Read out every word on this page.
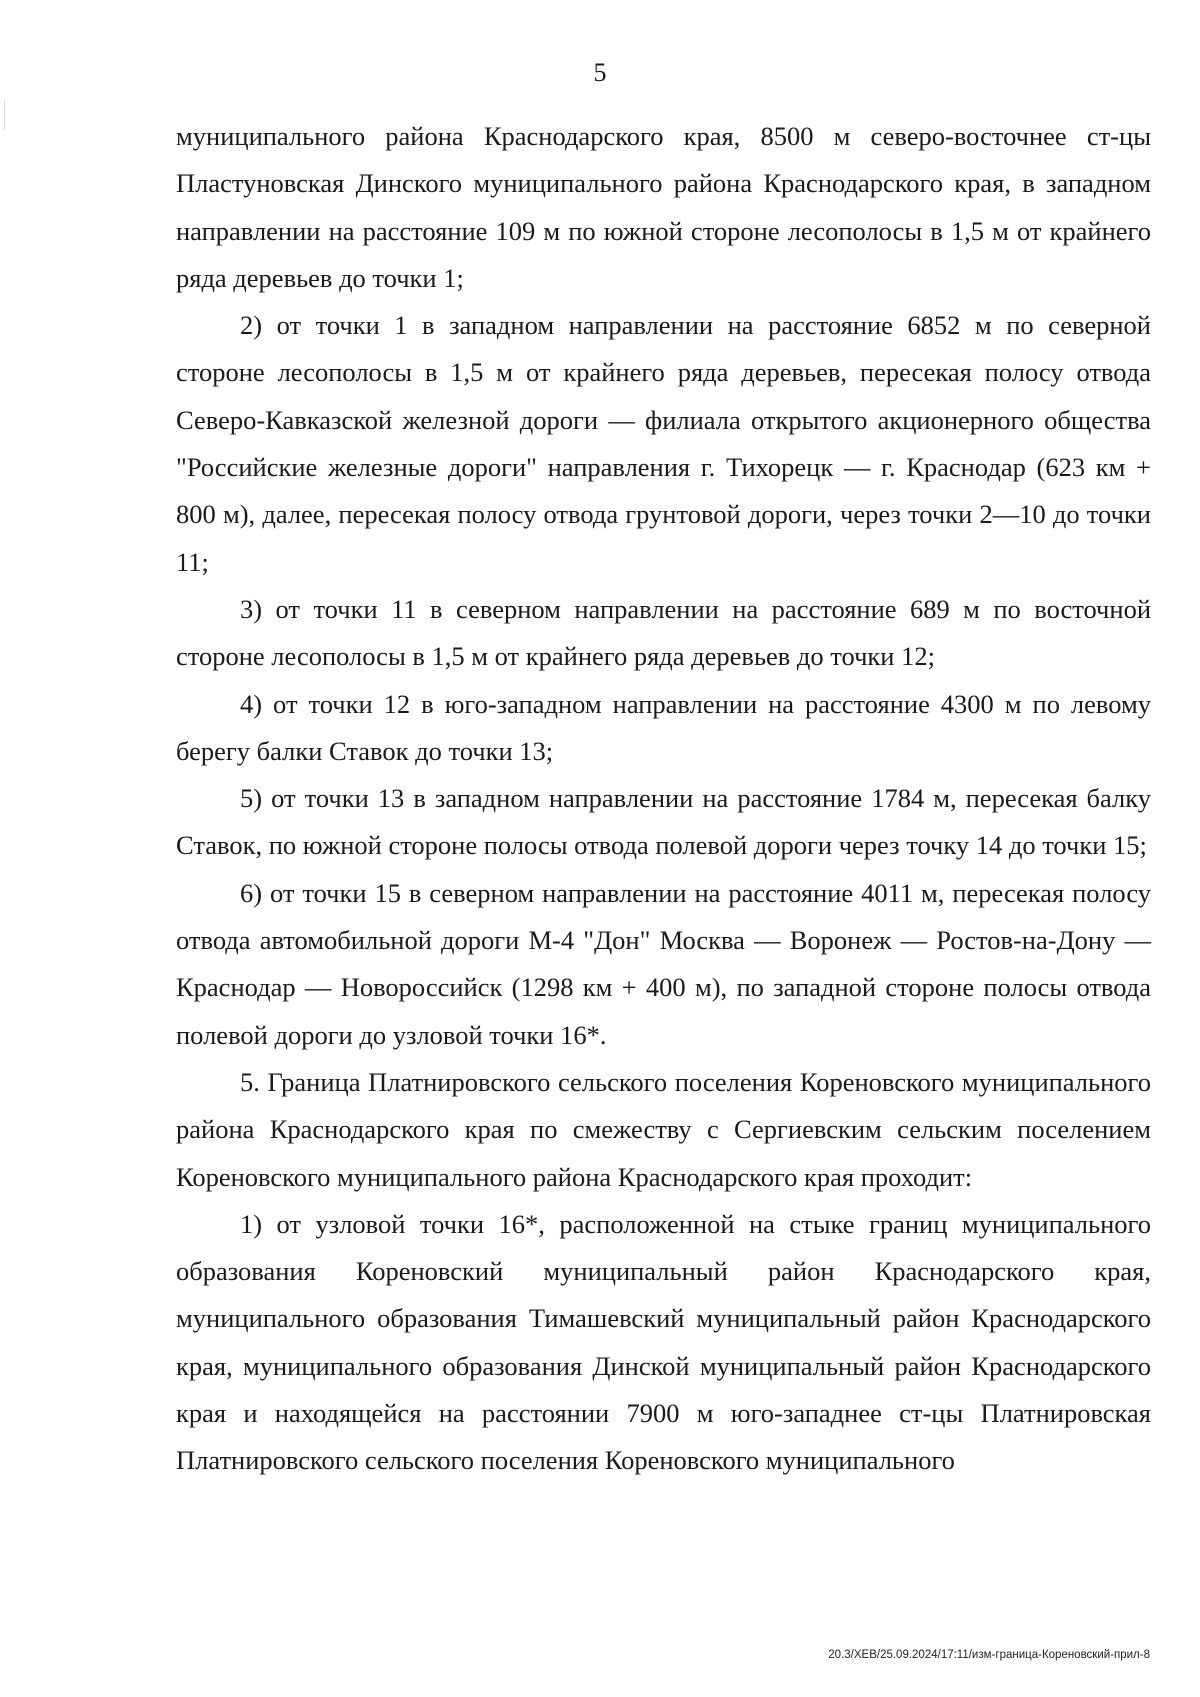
5

муниципального района Краснодарского края, 8500 м северо-восточнее ст-цы Пластуновская Динского муниципального района Краснодарского края, в западном направлении на расстояние 109 м по южной стороне лесополосы в 1,5 м от крайнего ряда деревьев до точки 1;

2) от точки 1 в западном направлении на расстояние 6852 м по северной стороне лесополосы в 1,5 м от крайнего ряда деревьев, пересекая полосу отвода Северо-Кавказской железной дороги — филиала открытого акционерного общества "Российские железные дороги" направления г. Тихорецк — г. Краснодар (623 км + 800 м), далее, пересекая полосу отвода грунтовой дороги, через точки 2—10 до точки 11;

3) от точки 11 в северном направлении на расстояние 689 м по восточной стороне лесополосы в 1,5 м от крайнего ряда деревьев до точки 12;

4) от точки 12 в юго-западном направлении на расстояние 4300 м по левому берегу балки Ставок до точки 13;

5) от точки 13 в западном направлении на расстояние 1784 м, пересекая балку Ставок, по южной стороне полосы отвода полевой дороги через точку 14 до точки 15;

6) от точки 15 в северном направлении на расстояние 4011 м, пересекая полосу отвода автомобильной дороги М-4 "Дон" Москва — Воронеж — Ростов-на-Дону — Краснодар — Новороссийск (1298 км + 400 м), по западной стороне полосы отвода полевой дороги до узловой точки 16*.

5. Граница Платнировского сельского поселения Кореновского муниципального района Краснодарского края по смежеству с Сергиевским сельским поселением Кореновского муниципального района Краснодарского края проходит:

1) от узловой точки 16*, расположенной на стыке границ муниципального образования Кореновский муниципальный район Краснодарского края, муниципального образования Тимашевский муниципальный район Краснодарского края, муниципального образования Динской муниципальный район Краснодарского края и находящейся на расстоянии 7900 м юго-западнее ст-цы Платнировская Платнировского сельского поселения Кореновского муниципального

20.3/ХЕВ/25.09.2024/17:11/изм-граница-Кореновский-прил-8
